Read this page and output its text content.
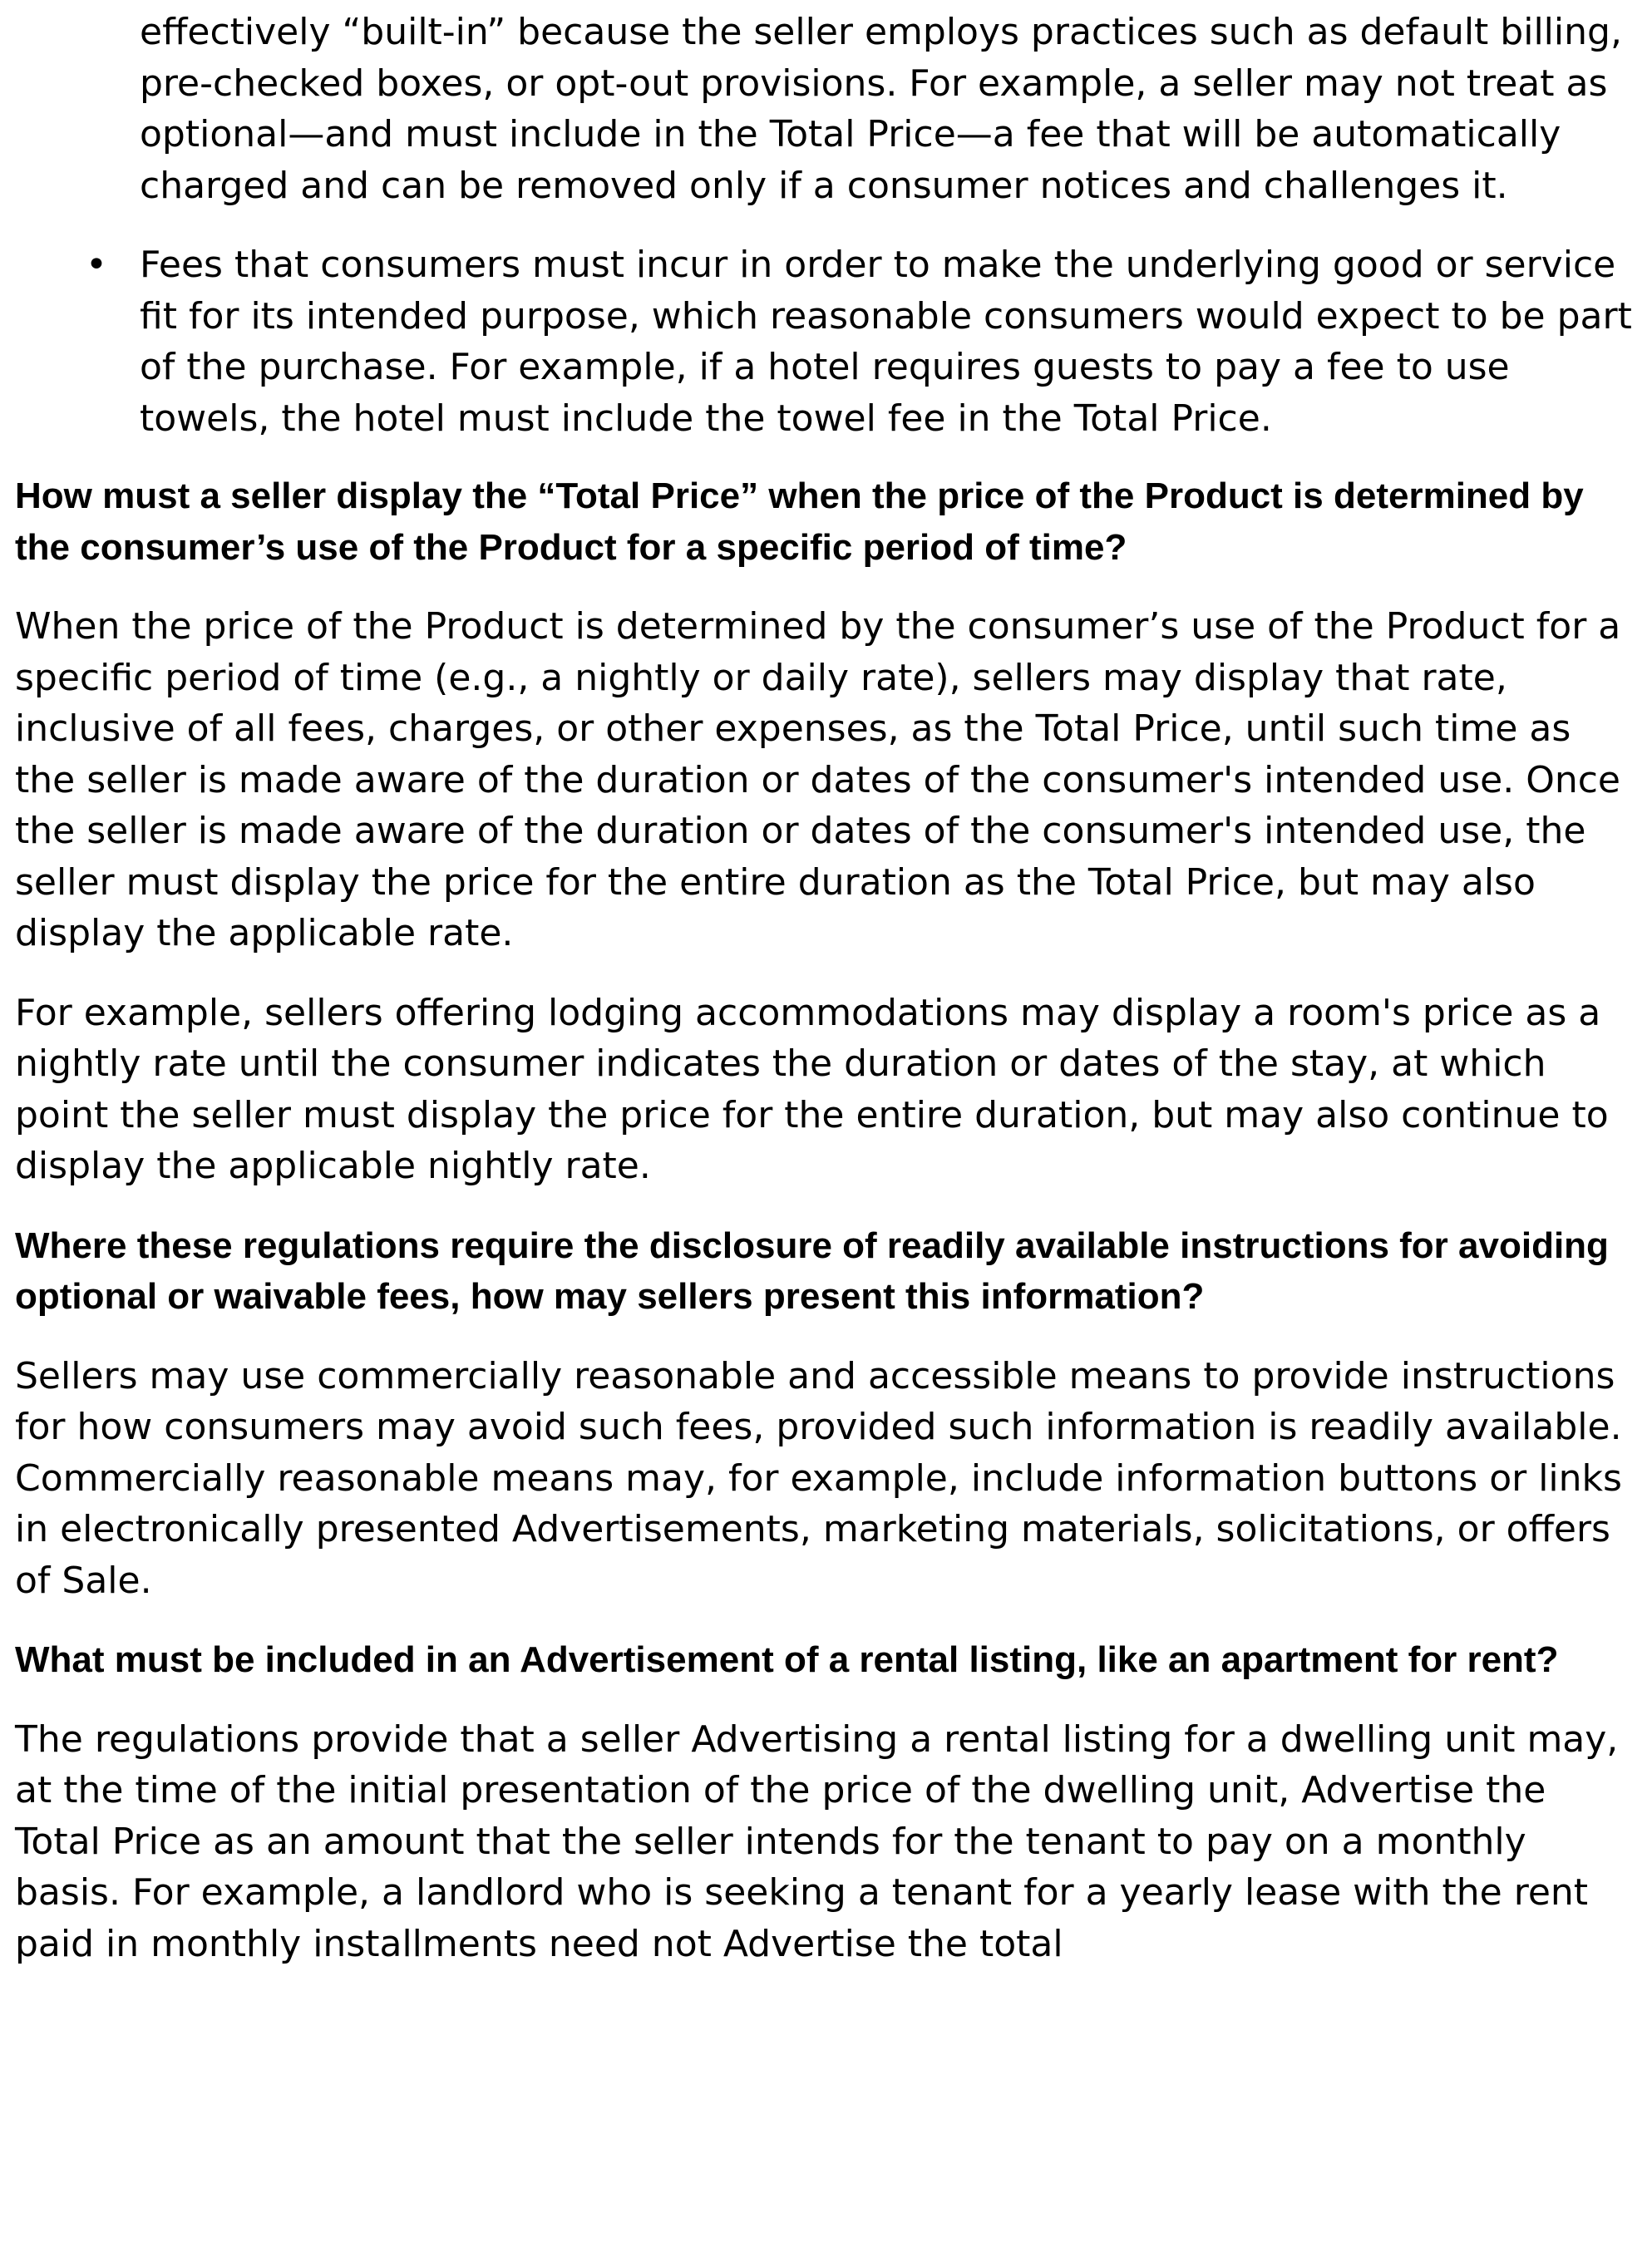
effectively “built-in” because the seller employs practices such as default billing, pre-checked boxes, or opt-out provisions. For example, a seller may not treat as optional—and must include in the Total Price—a fee that will be automatically charged and can be removed only if a consumer notices and challenges it.
• Fees that consumers must incur in order to make the underlying good or service fit for its intended purpose, which reasonable consumers would expect to be part of the purchase. For example, if a hotel requires guests to pay a fee to use towels, the hotel must include the towel fee in the Total Price.
How must a seller display the “Total Price” when the price of the Product is determined by the consumer’s use of the Product for a specific period of time?

When the price of the Product is determined by the consumer’s use of the Product for a specific period of time (e.g., a nightly or daily rate), sellers may display that rate, inclusive of all fees, charges, or other expenses, as the Total Price, until such time as the seller is made aware of the duration or dates of the consumer's intended use. Once the seller is made aware of the duration or dates of the consumer's intended use, the seller must display the price for the entire duration as the Total Price, but may also display the applicable rate.

For example, sellers offering lodging accommodations may display a room's price as a nightly rate until the consumer indicates the duration or dates of the stay, at which point the seller must display the price for the entire duration, but may also continue to display the applicable nightly rate.

Where these regulations require the disclosure of readily available instructions for avoiding optional or waivable fees, how may sellers present this information?

Sellers may use commercially reasonable and accessible means to provide instructions for how consumers may avoid such fees, provided such information is readily available. Commercially reasonable means may, for example, include information buttons or links in electronically presented Advertisements, marketing materials, solicitations, or offers of Sale.

What must be included in an Advertisement of a rental listing, like an apartment for rent?

The regulations provide that a seller Advertising a rental listing for a dwelling unit may, at the time of the initial presentation of the price of the dwelling unit, Advertise the Total Price as an amount that the seller intends for the tenant to pay on a monthly basis. For example, a landlord who is seeking a tenant for a yearly lease with the rent paid in monthly installments need not Advertise the total
